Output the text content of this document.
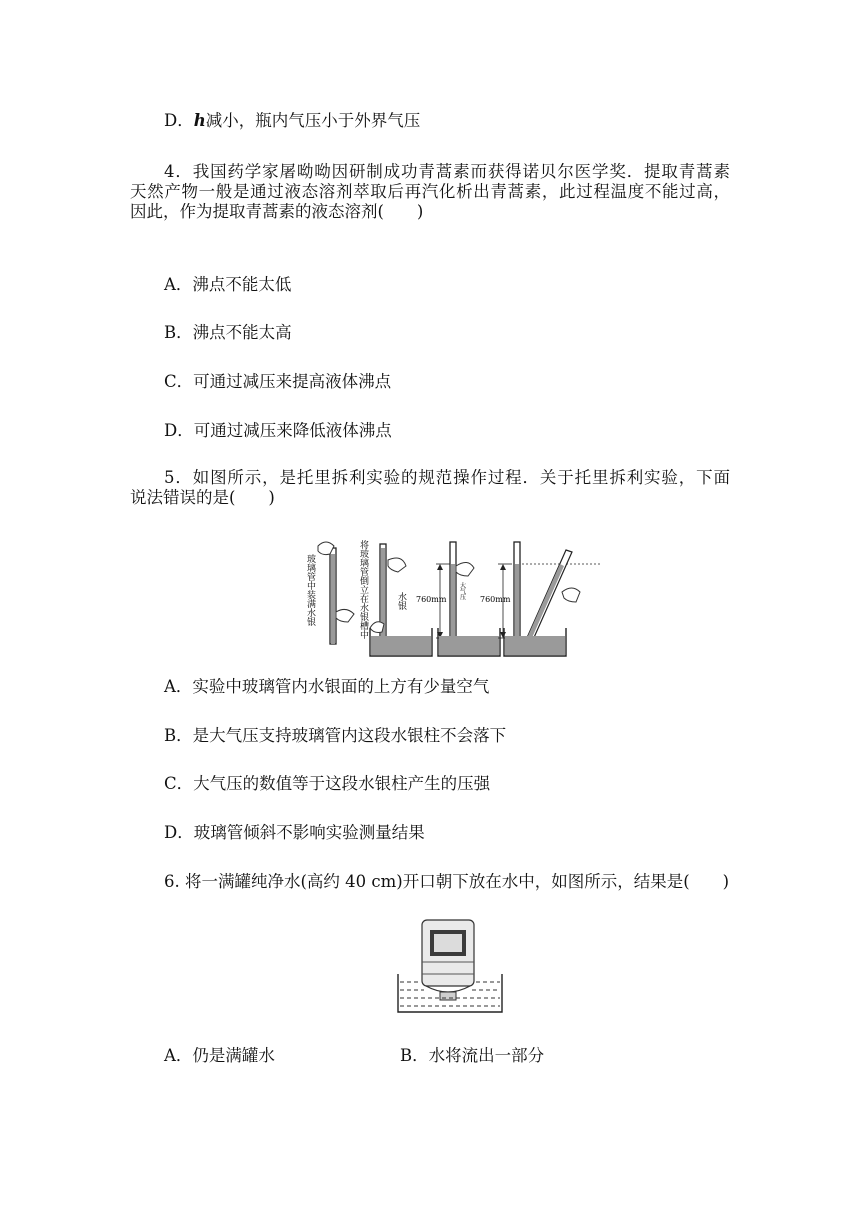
D．h减小，瓶内气压小于外界气压
4．我国药学家屠呦呦因研制成功青蒿素而获得诺贝尔医学奖．提取青蒿素
天然产物一般是通过液态溶剂萃取后再汽化析出青蒿素，此过程温度不能过高，
因此，作为提取青蒿素的液态溶剂(　　)
A．沸点不能太低
B．沸点不能太高
C．可通过减压来提高液体沸点
D．可通过减压来降低液体沸点
5．如图所示，是托里拆利实验的规范操作过程．关于托里拆利实验，下面
说法错误的是(　　)
玻璃管中装满水银	将玻璃管倒立在水银槽中	水银 760mm 大气压 760mm
A．实验中玻璃管内水银面的上方有少量空气
B．是大气压支持玻璃管内这段水银柱不会落下
C．大气压的数值等于这段水银柱产生的压强
D．玻璃管倾斜不影响实验测量结果
6. 将一满罐纯净水(高约 40 cm)开口朝下放在水中，如图所示，结果是(　　)
A．仍是满罐水	B．水将流出一部分
